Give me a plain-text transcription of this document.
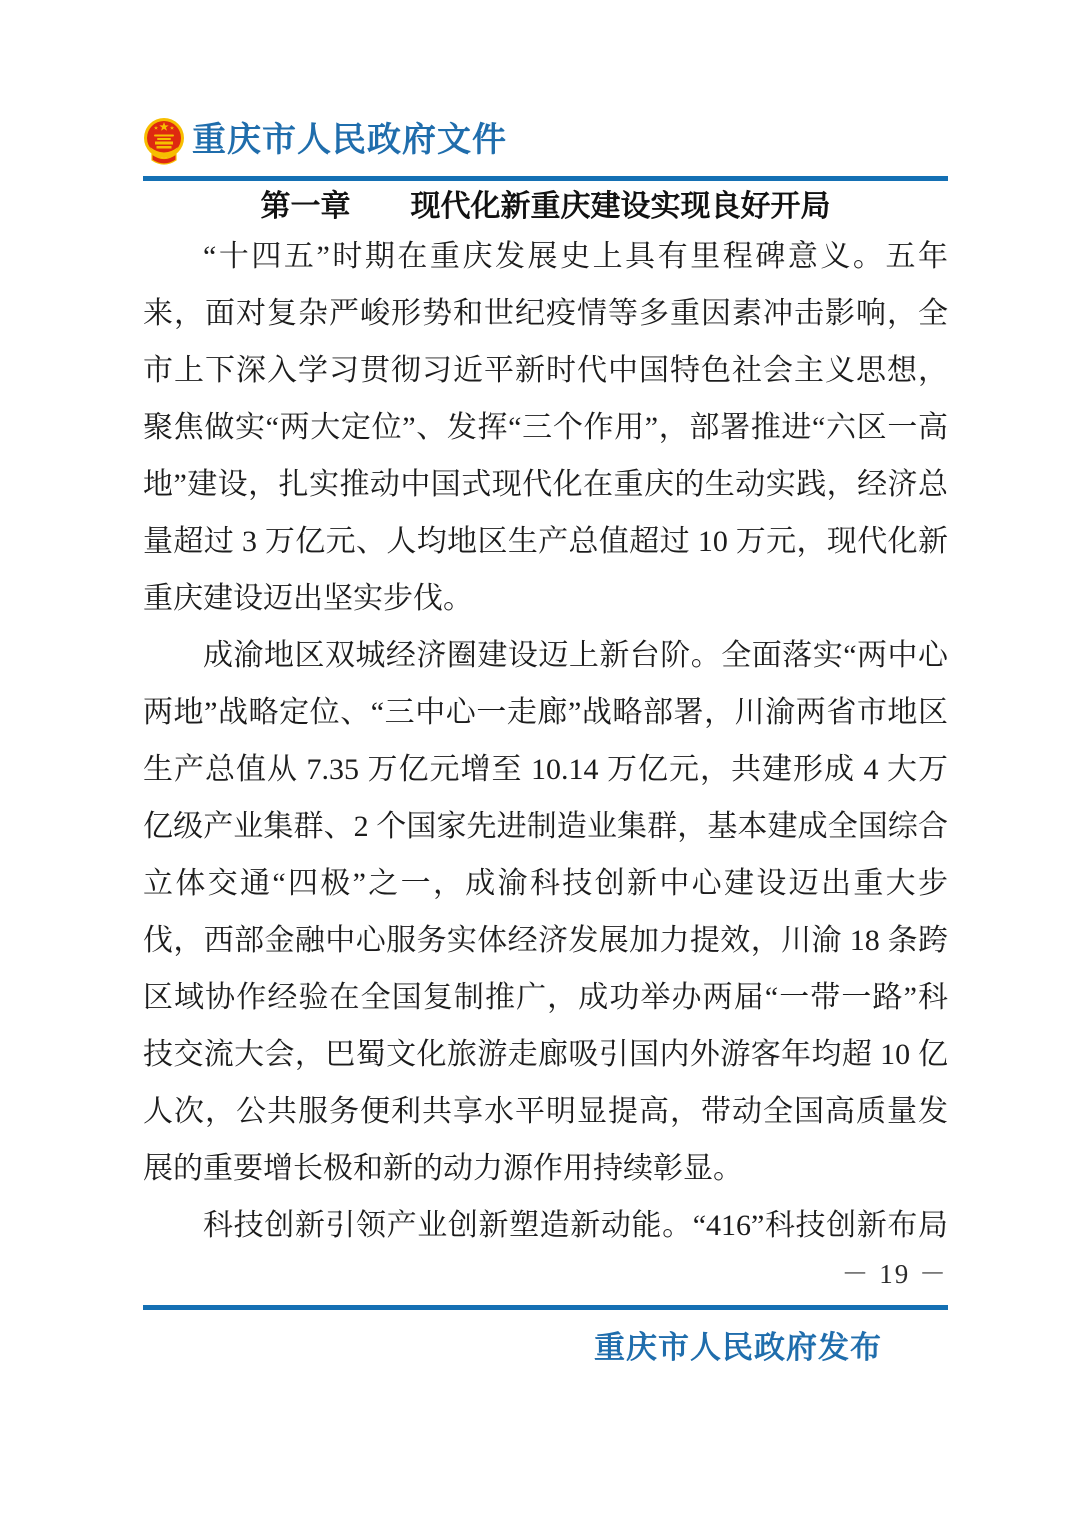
重庆市人民政府文件
第一章　　现代化新重庆建设实现良好开局

“十四五”时期在重庆发展史上具有里程碑意义。五年来，面对复杂严峻形势和世纪疫情等多重因素冲击影响，全市上下深入学习贯彻习近平新时代中国特色社会主义思想，聚焦做实“两大定位”、发挥“三个作用”，部署推进“六区一高地”建设，扎实推动中国式现代化在重庆的生动实践，经济总量超过 3 万亿元、人均地区生产总值超过 10 万元，现代化新重庆建设迈出坚实步伐。

成渝地区双城经济圈建设迈上新台阶。全面落实“两中心两地”战略定位、“三中心一走廊”战略部署，川渝两省市地区生产总值从 7.35 万亿元增至 10.14 万亿元，共建形成 4 大万亿级产业集群、2 个国家先进制造业集群，基本建成全国综合立体交通“四极”之一，成渝科技创新中心建设迈出重大步伐，西部金融中心服务实体经济发展加力提效，川渝 18 条跨区域协作经验在全国复制推广，成功举办两届“一带一路”科技交流大会，巴蜀文化旅游走廊吸引国内外游客年均超 10 亿人次，公共服务便利共享水平明显提高，带动全国高质量发展的重要增长极和新的动力源作用持续彰显。

科技创新引领产业创新塑造新动能。“416”科技创新布局

－ 19 －
重庆市人民政府发布
